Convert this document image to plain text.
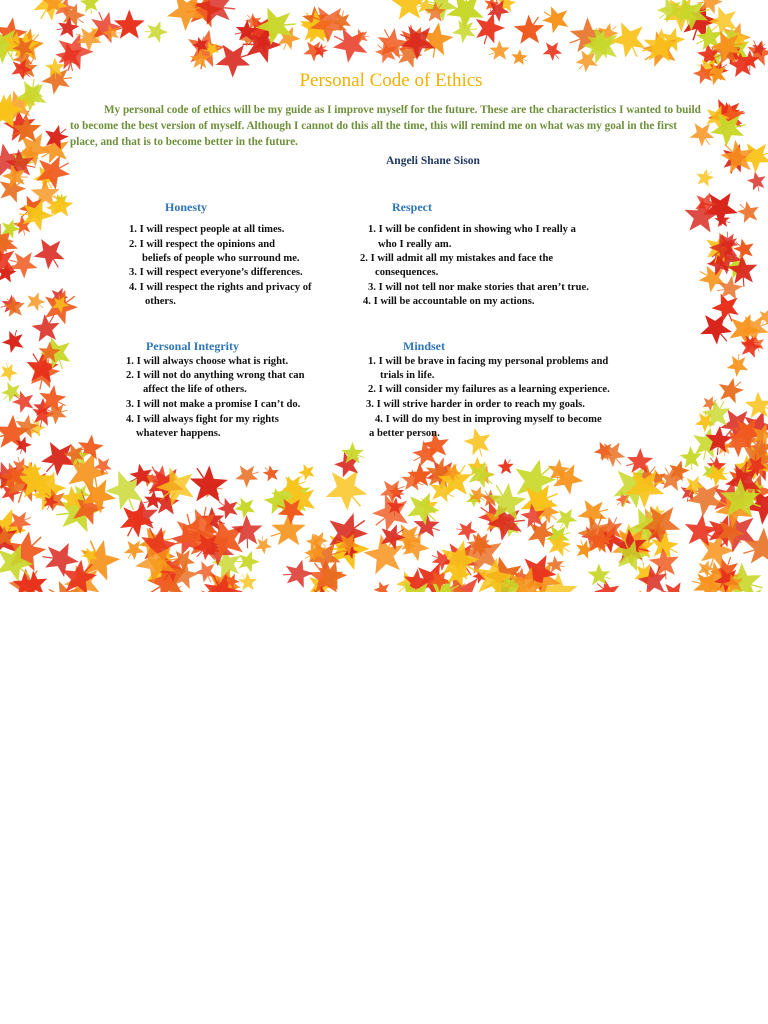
Personal Code of Ethics

My personal code of ethics will be my guide as I improve myself for the future. These are the characteristics I wanted to build to become the best version of myself. Although I cannot do this all the time, this will remind me on what was my goal in the first place, and that is to become better in the future.

Angeli Shane Sison
Honesty
1. I will respect people at all times.
2. I will respect the opinions and
beliefs of people who surround me.
3. I will respect everyone’s differences.
4. I will respect the rights and privacy of
others.
Respect
1. I will be confident in showing who I really a
who I really am.
2. I will admit all my mistakes and face the
consequences.
3. I will not tell nor make stories that aren’t true.
4. I will be accountable on my actions.
Personal Integrity
1. I will always choose what is right.
2. I will not do anything wrong that can
affect the life of others.
3. I will not make a promise I can’t do.
4. I will always fight for my rights
whatever happens.
Mindset
1. I will be brave in facing my personal problems and
trials in life.
2. I will consider my failures as a learning experience.
3. I will strive harder in order to reach my goals.
4. I will do my best in improving myself to become
a better person.
